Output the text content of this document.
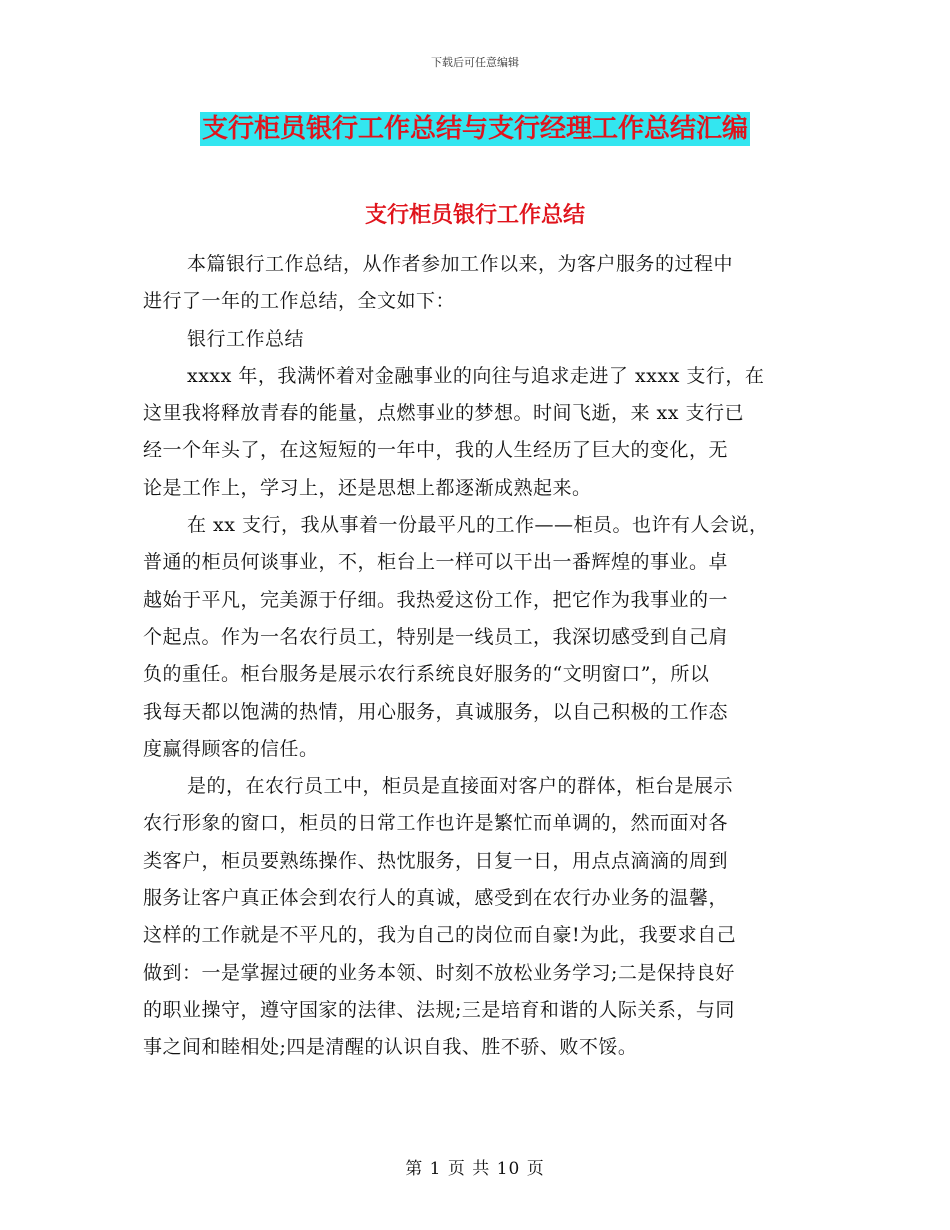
下载后可任意编辑
支行柜员银行工作总结与支行经理工作总结汇编
支行柜员银行工作总结
本篇银行工作总结，从作者参加工作以来，为客户服务的过程中
进行了一年的工作总结，全文如下：
银行工作总结
xxxx 年，我满怀着对金融事业的向往与追求走进了 xxxx 支行，在
这里我将释放青春的能量，点燃事业的梦想。时间飞逝，来 xx 支行已
经一个年头了，在这短短的一年中，我的人生经历了巨大的变化，无
论是工作上，学习上，还是思想上都逐渐成熟起来。
在 xx 支行，我从事着一份最平凡的工作——柜员。也许有人会说，
普通的柜员何谈事业，不，柜台上一样可以干出一番辉煌的事业。卓
越始于平凡，完美源于仔细。我热爱这份工作，把它作为我事业的一
个起点。作为一名农行员工，特别是一线员工，我深切感受到自己肩
负的重任。柜台服务是展示农行系统良好服务的“文明窗口”，所以
我每天都以饱满的热情，用心服务，真诚服务，以自己积极的工作态
度赢得顾客的信任。
是的，在农行员工中，柜员是直接面对客户的群体，柜台是展示
农行形象的窗口，柜员的日常工作也许是繁忙而单调的，然而面对各
类客户，柜员要熟练操作、热忱服务，日复一日，用点点滴滴的周到
服务让客户真正体会到农行人的真诚，感受到在农行办业务的温馨，
这样的工作就是不平凡的，我为自己的岗位而自豪!为此，我要求自己
做到：一是掌握过硬的业务本领、时刻不放松业务学习;二是保持良好
的职业操守，遵守国家的法律、法规;三是培育和谐的人际关系，与同
事之间和睦相处;四是清醒的认识自我、胜不骄、败不馁。
第 1 页 共 10 页
